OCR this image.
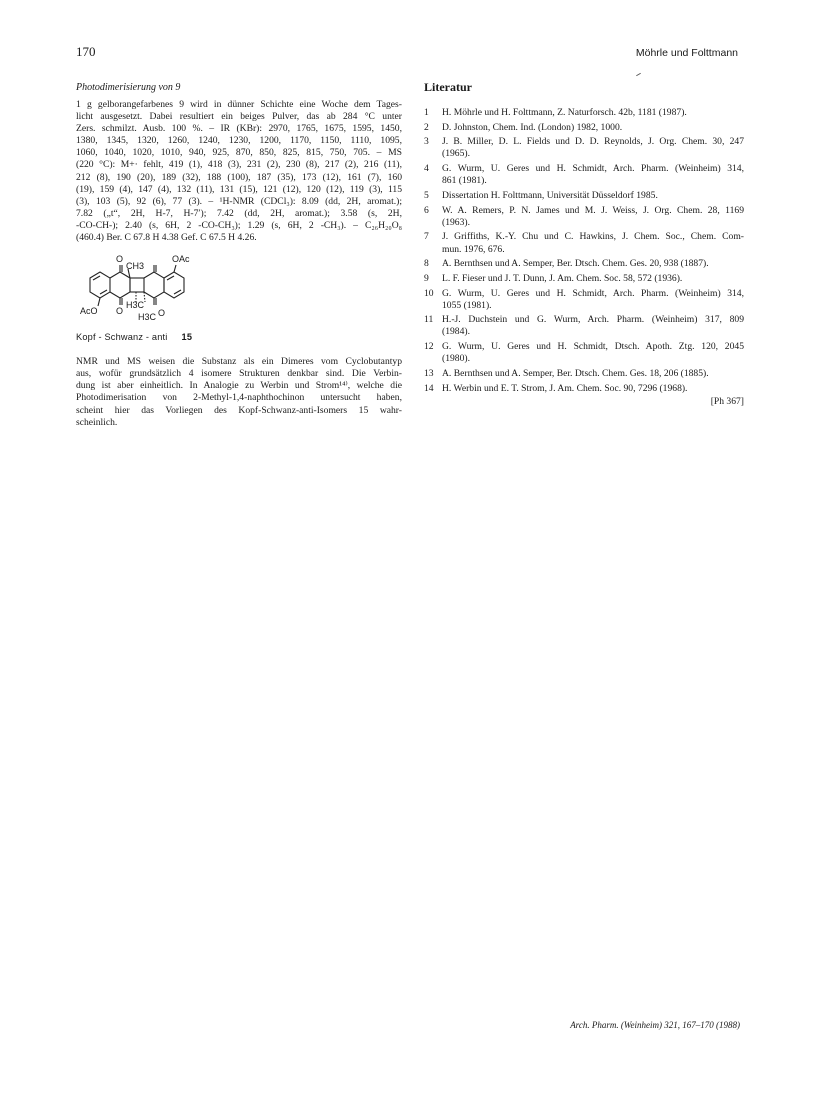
170	Möhrle und Folttmann
Photodimerisierung von 9
1 g gelborangefarbenes 9 wird in dünner Schichte eine Woche dem Tages-
licht ausgesetzt. Dabei resultiert ein beiges Pulver, das ab 284 °C unter
Zers. schmilzt. Ausb. 100 %. – IR (KBr): 2970, 1765, 1675, 1595, 1450,
1380, 1345, 1320, 1260, 1240, 1230, 1200, 1170, 1150, 1110, 1095,
1060, 1040, 1020, 1010, 940, 925, 870, 850, 825, 815, 750, 705. – MS
(220 °C): M+· fehlt, 419 (1), 418 (3), 231 (2), 230 (8), 217 (2), 216 (11),
212 (8), 190 (20), 189 (32), 188 (100), 187 (35), 173 (12), 161 (7), 160
(19), 159 (4), 147 (4), 132 (11), 131 (15), 121 (12), 120 (12), 119 (3), 115
(3), 103 (5), 92 (6), 77 (3). – ¹H-NMR (CDCl₃): 8.09 (dd, 2H, aromat.);
7.82 („t“, 2H, H-7, H-7′); 7.42 (dd, 2H, aromat.); 3.58 (s, 2H,
-CO-CH-); 2.40 (s, 6H, 2 -CO-CH₃); 1.29 (s, 6H, 2 -CH₃). – C₂₆H₂₀O₈
(460.4) Ber. C 67.8 H 4.38 Gef. C 67.5 H 4.26.
O
CH3
OAc
AcO O
H3C
H3C O
Kopf - Schwanz - anti 15
NMR und MS weisen die Substanz als ein Dimeres vom Cyclobutantyp
aus, wofür grundsätzlich 4 isomere Strukturen denkbar sind. Die Verbin-
dung ist aber einheitlich. In Analogie zu Werbin und Strom¹⁴⁾, welche die
Photodimerisation von 2-Methyl-1,4-naphthochinon untersucht haben,
scheint hier das Vorliegen des Kopf-Schwanz-anti-Isomers 15 wahr-
scheinlich.
Literatur
1	H. Möhrle und H. Folttmann, Z. Naturforsch. 42b, 1181 (1987).
2	D. Johnston, Chem. Ind. (London) 1982, 1000.
3	J. B. Miller, D. L. Fields und D. D. Reynolds, J. Org. Chem. 30, 247
(1965).
4	G. Wurm, U. Geres und H. Schmidt, Arch. Pharm. (Weinheim) 314,
861 (1981).
5	Dissertation H. Folttmann, Universität Düsseldorf 1985.
6	W. A. Remers, P. N. James und M. J. Weiss, J. Org. Chem. 28, 1169
(1963).
7	J. Griffiths, K.-Y. Chu und C. Hawkins, J. Chem. Soc., Chem. Com-
mun. 1976, 676.
8	A. Bernthsen und A. Semper, Ber. Dtsch. Chem. Ges. 20, 938 (1887).
9	L. F. Fieser und J. T. Dunn, J. Am. Chem. Soc. 58, 572 (1936).
10 G. Wurm, U. Geres und H. Schmidt, Arch. Pharm. (Weinheim) 314,
1055 (1981).
11 H.-J. Duchstein und G. Wurm, Arch. Pharm. (Weinheim) 317, 809
(1984).
12 G. Wurm, U. Geres und H. Schmidt, Dtsch. Apoth. Ztg. 120, 2045
(1980).
13 A. Bernthsen und A. Semper, Ber. Dtsch. Chem. Ges. 18, 206 (1885).
14 H. Werbin und E. T. Strom, J. Am. Chem. Soc. 90, 7296 (1968).
[Ph 367]
Arch. Pharm. (Weinheim) 321, 167–170 (1988)
